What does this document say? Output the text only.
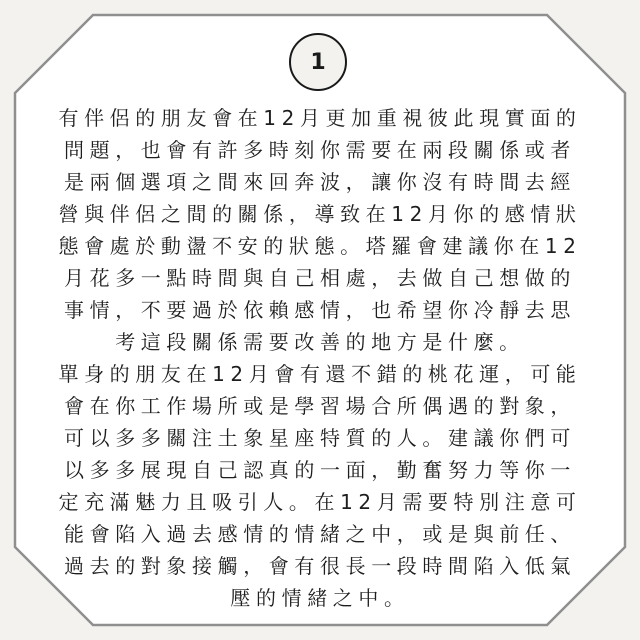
1
有伴侶的朋友會在12月更加重視彼此現實面的
問題，也會有許多時刻你需要在兩段關係或者
是兩個選項之間來回奔波，讓你沒有時間去經
營與伴侶之間的關係，導致在12月你的感情狀
態會處於動盪不安的狀態。塔羅會建議你在12
月花多一點時間與自己相處，去做自己想做的
事情，不要過於依賴感情，也希望你冷靜去思
考這段關係需要改善的地方是什麼。
單身的朋友在12月會有還不錯的桃花運，可能
會在你工作場所或是學習場合所偶遇的對象，
可以多多關注土象星座特質的人。建議你們可
以多多展現自己認真的一面，勤奮努力等你一
定充滿魅力且吸引人。在12月需要特別注意可
能會陷入過去感情的情緒之中，或是與前任、
過去的對象接觸，會有很長一段時間陷入低氣
壓的情緒之中。
